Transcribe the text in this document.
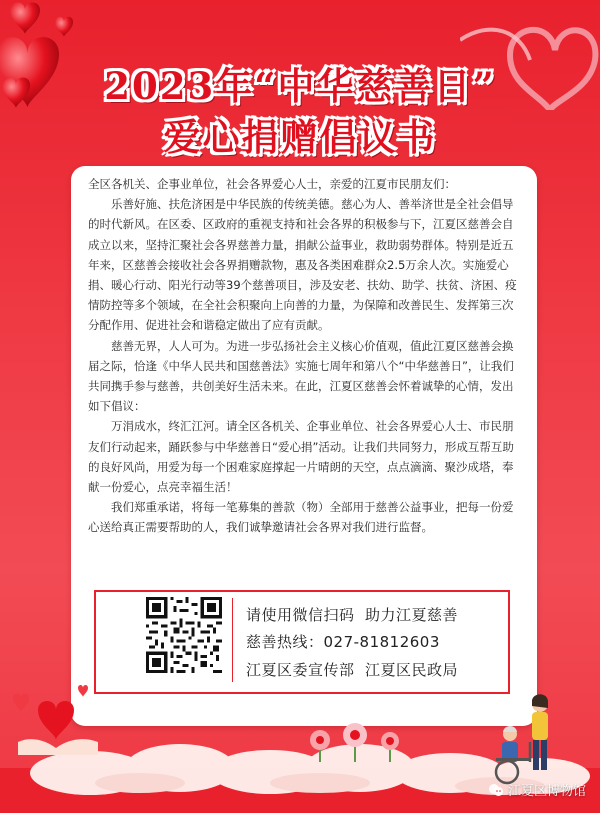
2023年“中华慈善日”
爱心捐赠倡议书

全区各机关、企事业单位，社会各界爱心人士，亲爱的江夏市民朋友们：

乐善好施、扶危济困是中华民族的传统美德。慈心为人、善举济世是全社会倡导的时代新风。在区委、区政府的重视支持和社会各界的积极参与下，江夏区慈善会自成立以来，坚持汇聚社会各界慈善力量，捐献公益事业，救助弱势群体。特别是近五年来，区慈善会接收社会各界捐赠款物，惠及各类困难群众2.5万余人次。实施爱心捐、暖心行动、阳光行动等39个慈善项目，涉及安老、扶幼、助学、扶贫、济困、疫情防控等多个领域，在全社会积聚向上向善的力量，为保障和改善民生、发挥第三次分配作用、促进社会和谐稳定做出了应有贡献。

慈善无界，人人可为。为进一步弘扬社会主义核心价值观，值此江夏区慈善会换届之际，恰逢《中华人民共和国慈善法》实施七周年和第八个“中华慈善日”，让我们共同携手参与慈善，共创美好生活未来。在此，江夏区慈善会怀着诚挚的心情，发出如下倡议：

万涓成水，终汇江河。请全区各机关、企事业单位、社会各界爱心人士、市民朋友们行动起来，踊跃参与中华慈善日“爱心捐”活动。让我们共同努力，形成互帮互助的良好风尚，用爱为每一个困难家庭撑起一片晴朗的天空，点点滴滴、聚沙成塔，奉献一份爱心，点亮幸福生活！

我们郑重承诺，将每一笔募集的善款（物）全部用于慈善公益事业，把每一份爱心送给真正需要帮助的人，我们诚挚邀请社会各界对我们进行监督。

请使用微信扫码  助力江夏慈善
慈善热线：027-81812603
江夏区委宣传部  江夏区民政局
江夏区博物馆
